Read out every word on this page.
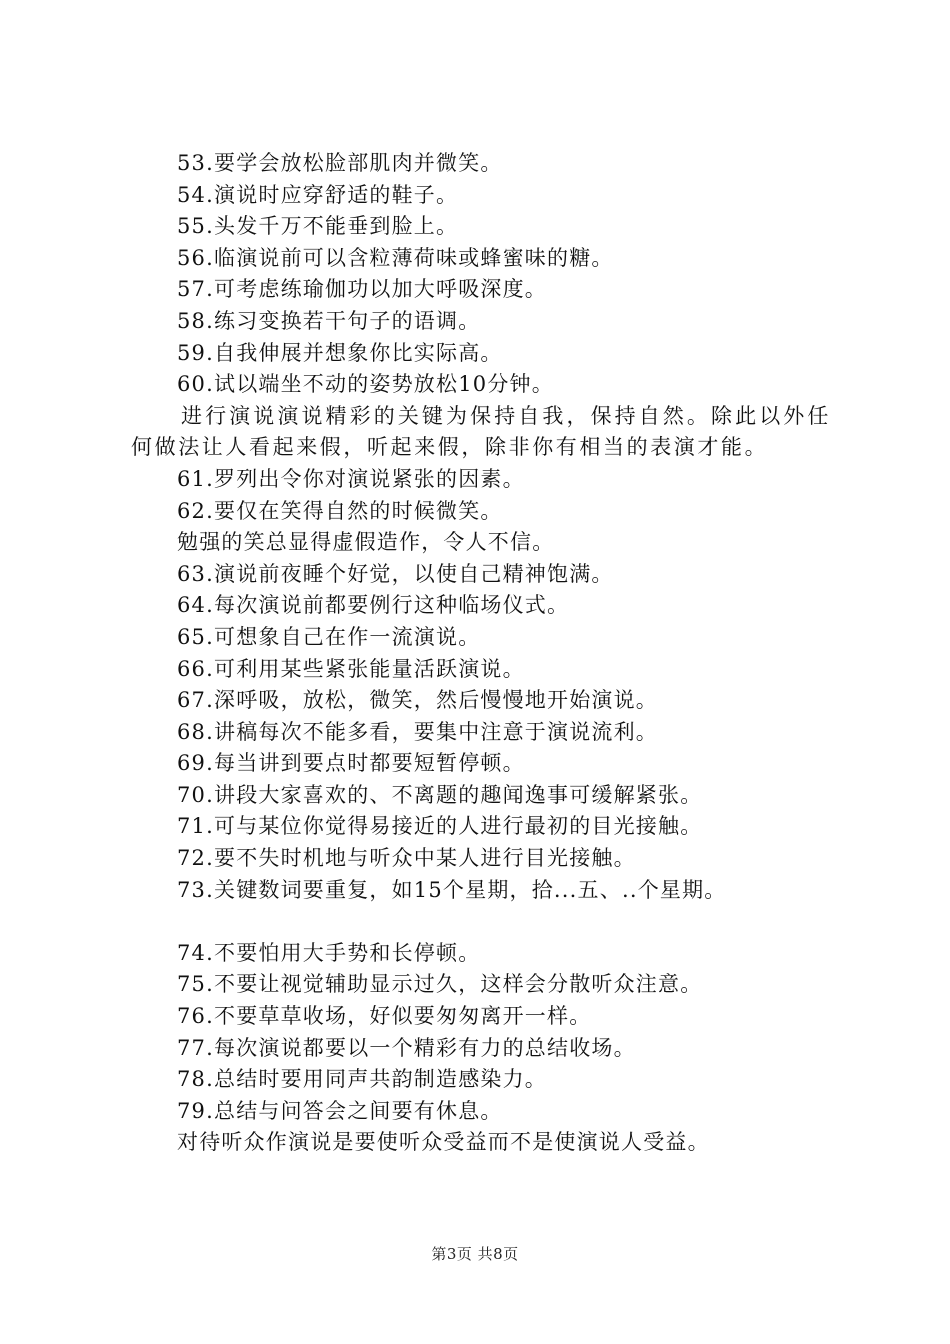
53.要学会放松脸部肌肉并微笑。
54.演说时应穿舒适的鞋子。
55.头发千万不能垂到脸上。
56.临演说前可以含粒薄荷味或蜂蜜味的糖。
57.可考虑练瑜伽功以加大呼吸深度。
58.练习变换若干句子的语调。
59.自我伸展并想象你比实际高。
60.试以端坐不动的姿势放松10分钟。
进行演说演说精彩的关键为保持自我，保持自然。除此以外任何做法让人看起来假，听起来假，除非你有相当的表演才能。
61.罗列出令你对演说紧张的因素。
62.要仅在笑得自然的时候微笑。
勉强的笑总显得虚假造作，令人不信。
63.演说前夜睡个好觉，以使自己精神饱满。
64.每次演说前都要例行这种临场仪式。
65.可想象自己在作一流演说。
66.可利用某些紧张能量活跃演说。
67.深呼吸，放松，微笑，然后慢慢地开始演说。
68.讲稿每次不能多看，要集中注意于演说流利。
69.每当讲到要点时都要短暂停顿。
70.讲段大家喜欢的、不离题的趣闻逸事可缓解紧张。
71.可与某位你觉得易接近的人进行最初的目光接触。
72.要不失时机地与听众中某人进行目光接触。
73.关键数词要重复，如15个星期，拾...五、..个星期。
74.不要怕用大手势和长停顿。
75.不要让视觉辅助显示过久，这样会分散听众注意。
76.不要草草收场，好似要匆匆离开一样。
77.每次演说都要以一个精彩有力的总结收场。
78.总结时要用同声共韵制造感染力。
79.总结与问答会之间要有休息。
对待听众作演说是要使听众受益而不是使演说人受益。
第3页 共8页
